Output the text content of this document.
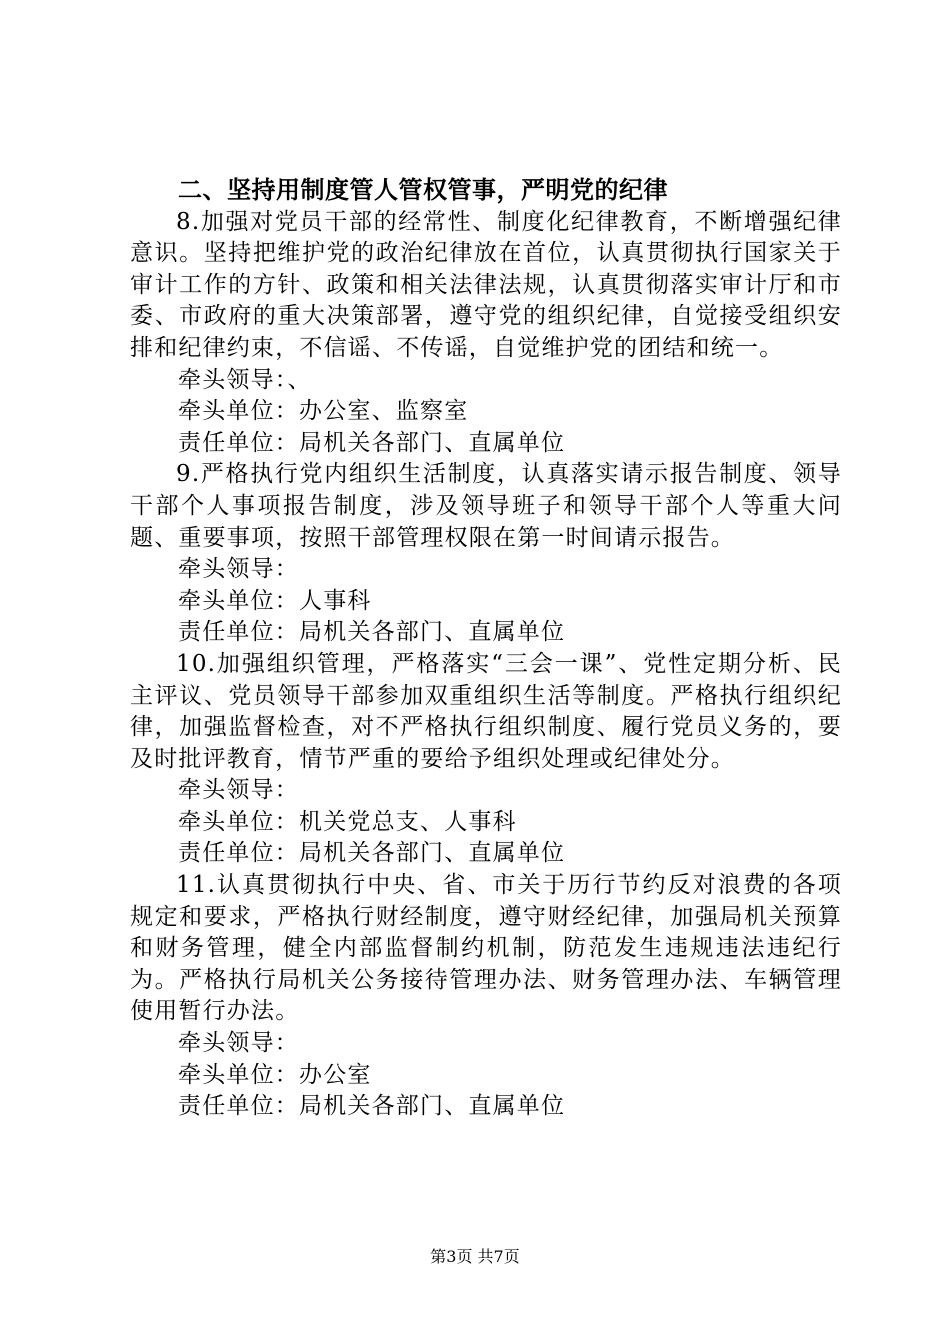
二、坚持用制度管人管权管事，严明党的纪律

8.加强对党员干部的经常性、制度化纪律教育，不断增强纪律意识。坚持把维护党的政治纪律放在首位，认真贯彻执行国家关于审计工作的方针、政策和相关法律法规，认真贯彻落实审计厅和市委、市政府的重大决策部署，遵守党的组织纪律，自觉接受组织安排和纪律约束，不信谣、不传谣，自觉维护党的团结和统一。

牵头领导：、

牵头单位：办公室、监察室

责任单位：局机关各部门、直属单位

9.严格执行党内组织生活制度，认真落实请示报告制度、领导干部个人事项报告制度，涉及领导班子和领导干部个人等重大问题、重要事项，按照干部管理权限在第一时间请示报告。

牵头领导：

牵头单位：人事科

责任单位：局机关各部门、直属单位

10.加强组织管理，严格落实“三会一课”、党性定期分析、民主评议、党员领导干部参加双重组织生活等制度。严格执行组织纪律，加强监督检查，对不严格执行组织制度、履行党员义务的，要及时批评教育，情节严重的要给予组织处理或纪律处分。

牵头领导：

牵头单位：机关党总支、人事科

责任单位：局机关各部门、直属单位

11.认真贯彻执行中央、省、市关于历行节约反对浪费的各项规定和要求，严格执行财经制度，遵守财经纪律，加强局机关预算和财务管理，健全内部监督制约机制，防范发生违规违法违纪行为。严格执行局机关公务接待管理办法、财务管理办法、车辆管理使用暂行办法。

牵头领导：

牵头单位：办公室

责任单位：局机关各部门、直属单位

第3页 共7页
